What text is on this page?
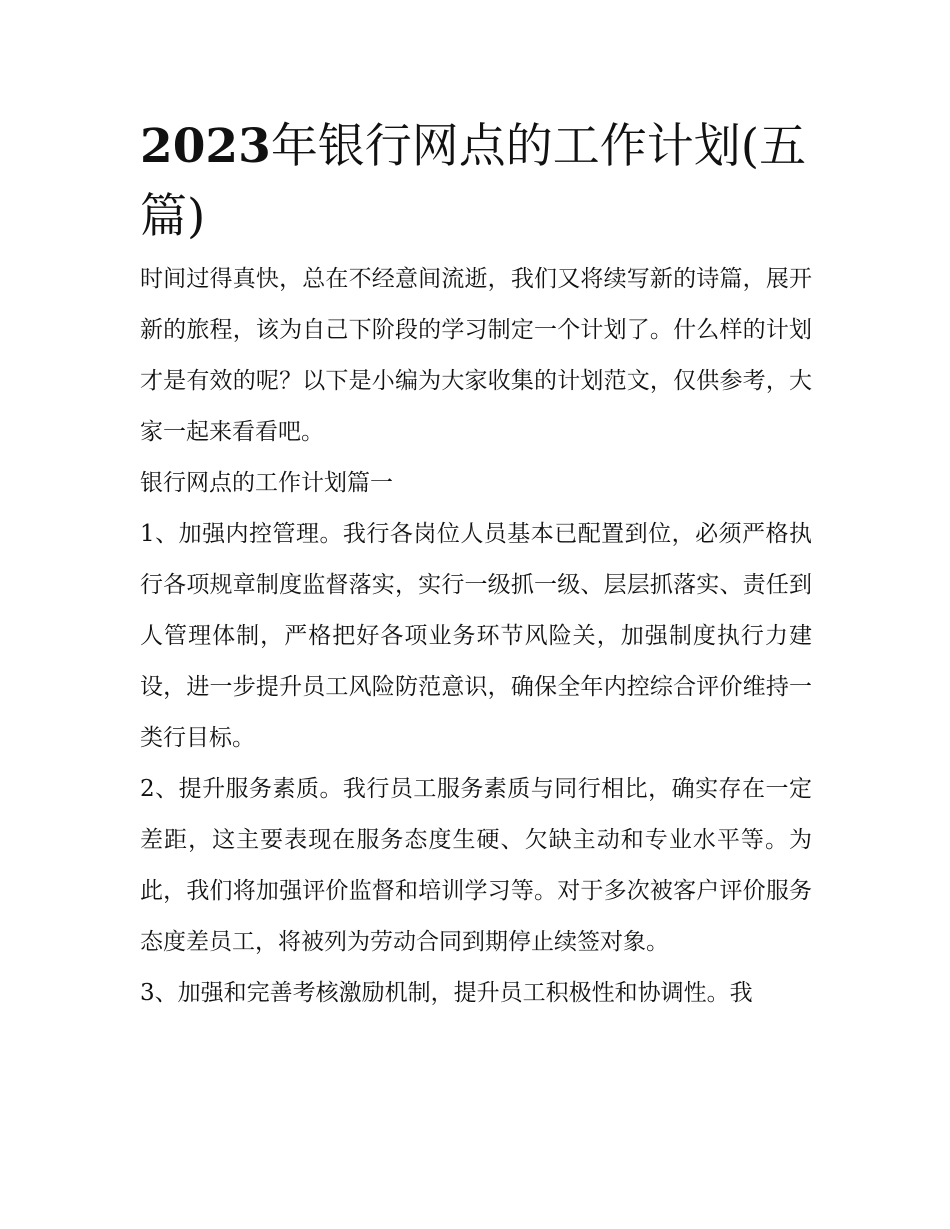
2023年银行网点的工作计划(五篇)

时间过得真快，总在不经意间流逝，我们又将续写新的诗篇，展开新的旅程，该为自己下阶段的学习制定一个计划了。什么样的计划才是有效的呢？以下是小编为大家收集的计划范文，仅供参考，大家一起来看看吧。

银行网点的工作计划篇一

1、加强内控管理。我行各岗位人员基本已配置到位，必须严格执行各项规章制度监督落实，实行一级抓一级、层层抓落实、责任到人管理体制，严格把好各项业务环节风险关，加强制度执行力建设，进一步提升员工风险防范意识，确保全年内控综合评价维持一类行目标。

2、提升服务素质。我行员工服务素质与同行相比，确实存在一定差距，这主要表现在服务态度生硬、欠缺主动和专业水平等。为此，我们将加强评价监督和培训学习等。对于多次被客户评价服务态度差员工，将被列为劳动合同到期停止续签对象。

3、加强和完善考核激励机制，提升员工积极性和协调性。我
